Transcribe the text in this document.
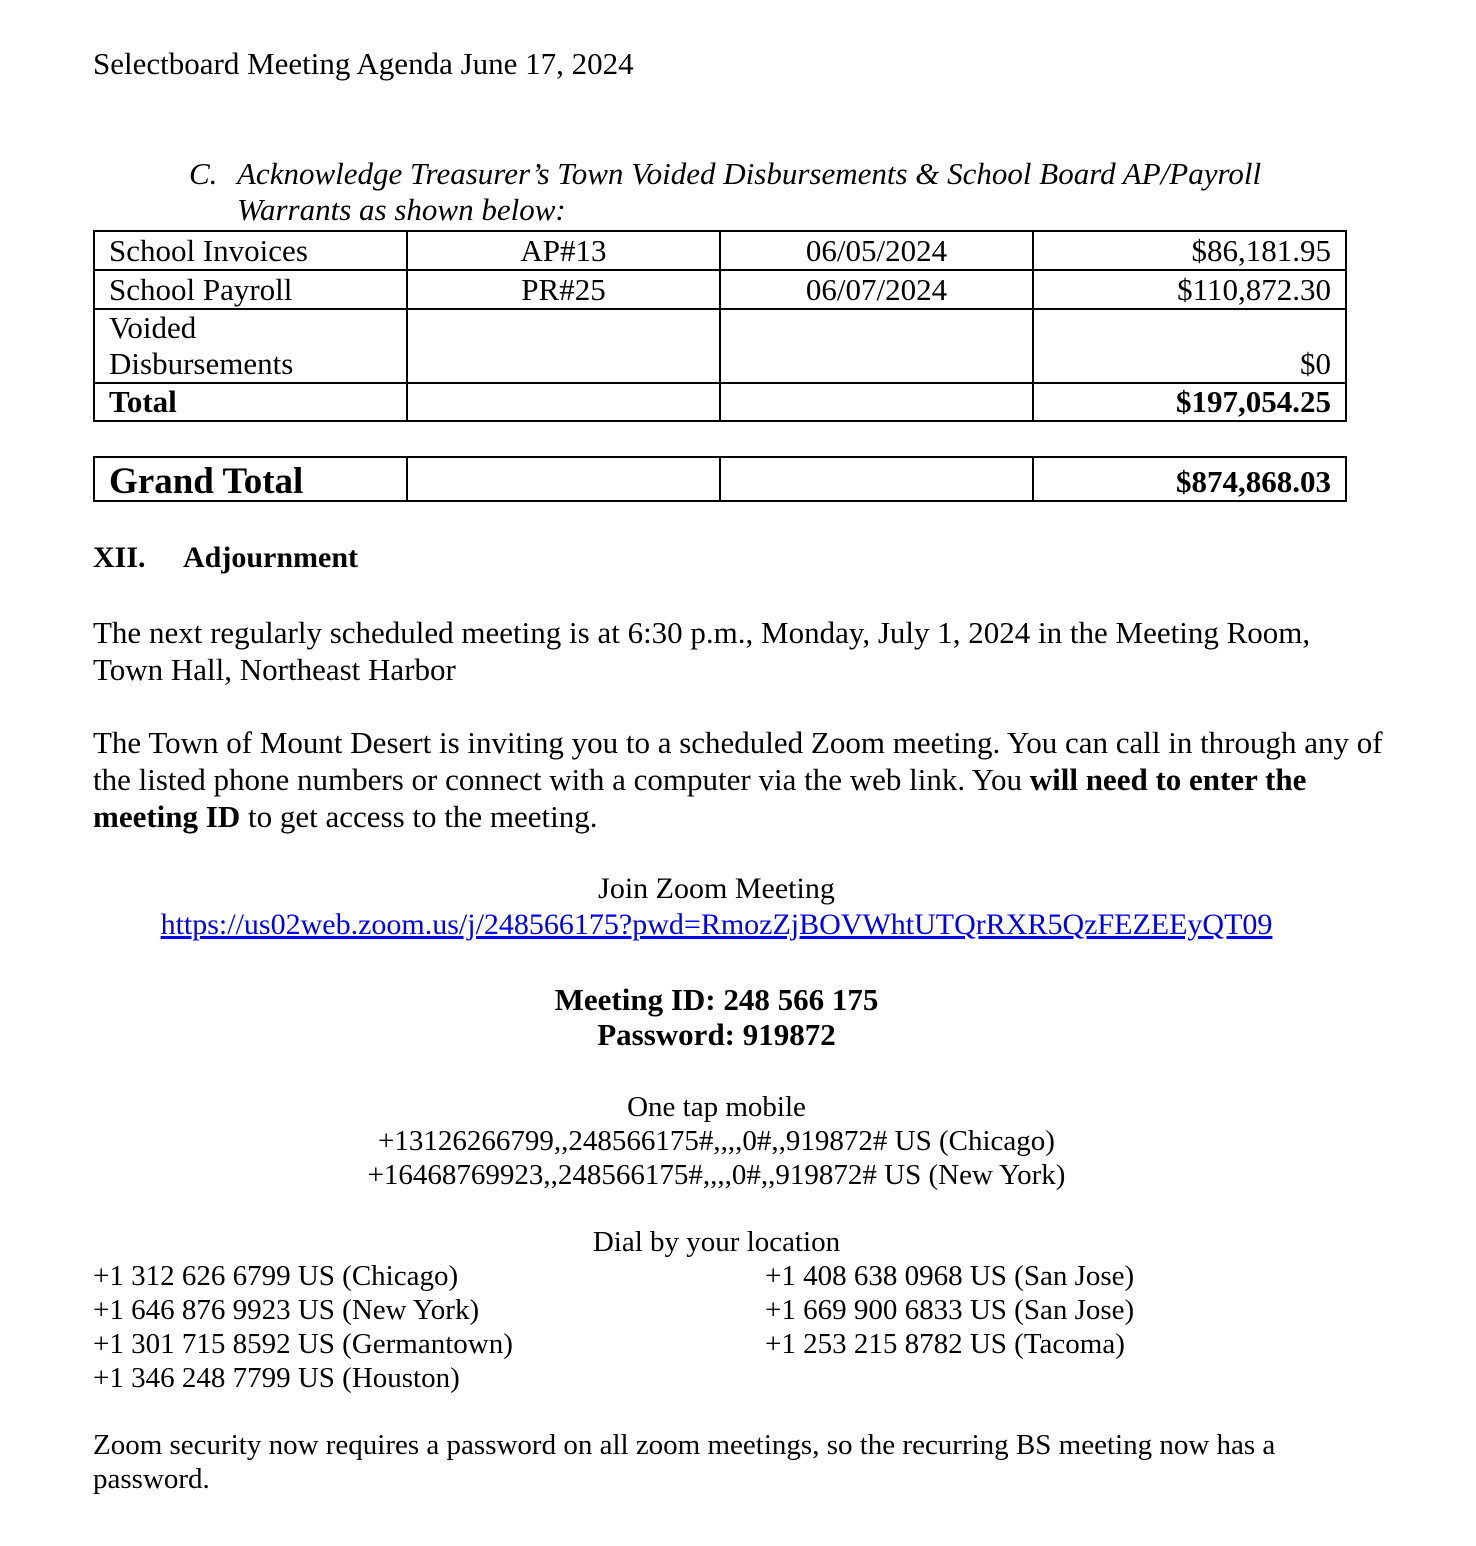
Selectboard Meeting Agenda June 17, 2024
C. Acknowledge Treasurer’s Town Voided Disbursements & School Board AP/Payroll
Warrants as shown below:
School Invoices	AP#13	06/05/2024	$86,181.95
School Payroll	PR#25	06/07/2024	$110,872.30

Voided
Disbursements			$0
Total			$197,054.25
Grand Total			$874,868.03
XII. Adjournment
The next regularly scheduled meeting is at 6:30 p.m., Monday, July 1, 2024 in the Meeting Room, Town Hall, Northeast Harbor
The Town of Mount Desert is inviting you to a scheduled Zoom meeting. You can call in through any of the listed phone numbers or connect with a computer via the web link. You will need to enter the meeting ID to get access to the meeting.
Join Zoom Meeting
https://us02web.zoom.us/j/248566175?pwd=RmozZjBOVWhtUTQrRXR5QzFEZEEyQT09
Meeting ID: 248 566 175
Password: 919872
One tap mobile
+13126266799,,248566175#,,,,0#,,919872# US (Chicago)
+16468769923,,248566175#,,,,0#,,919872# US (New York)
Dial by your location
+1 312 626 6799 US (Chicago)
+1 646 876 9923 US (New York)
+1 301 715 8592 US (Germantown)
+1 346 248 7799 US (Houston)
+1 408 638 0968 US (San Jose)
+1 669 900 6833 US (San Jose)
+1 253 215 8782 US (Tacoma)
Zoom security now requires a password on all zoom meetings, so the recurring BS meeting now has a password.
